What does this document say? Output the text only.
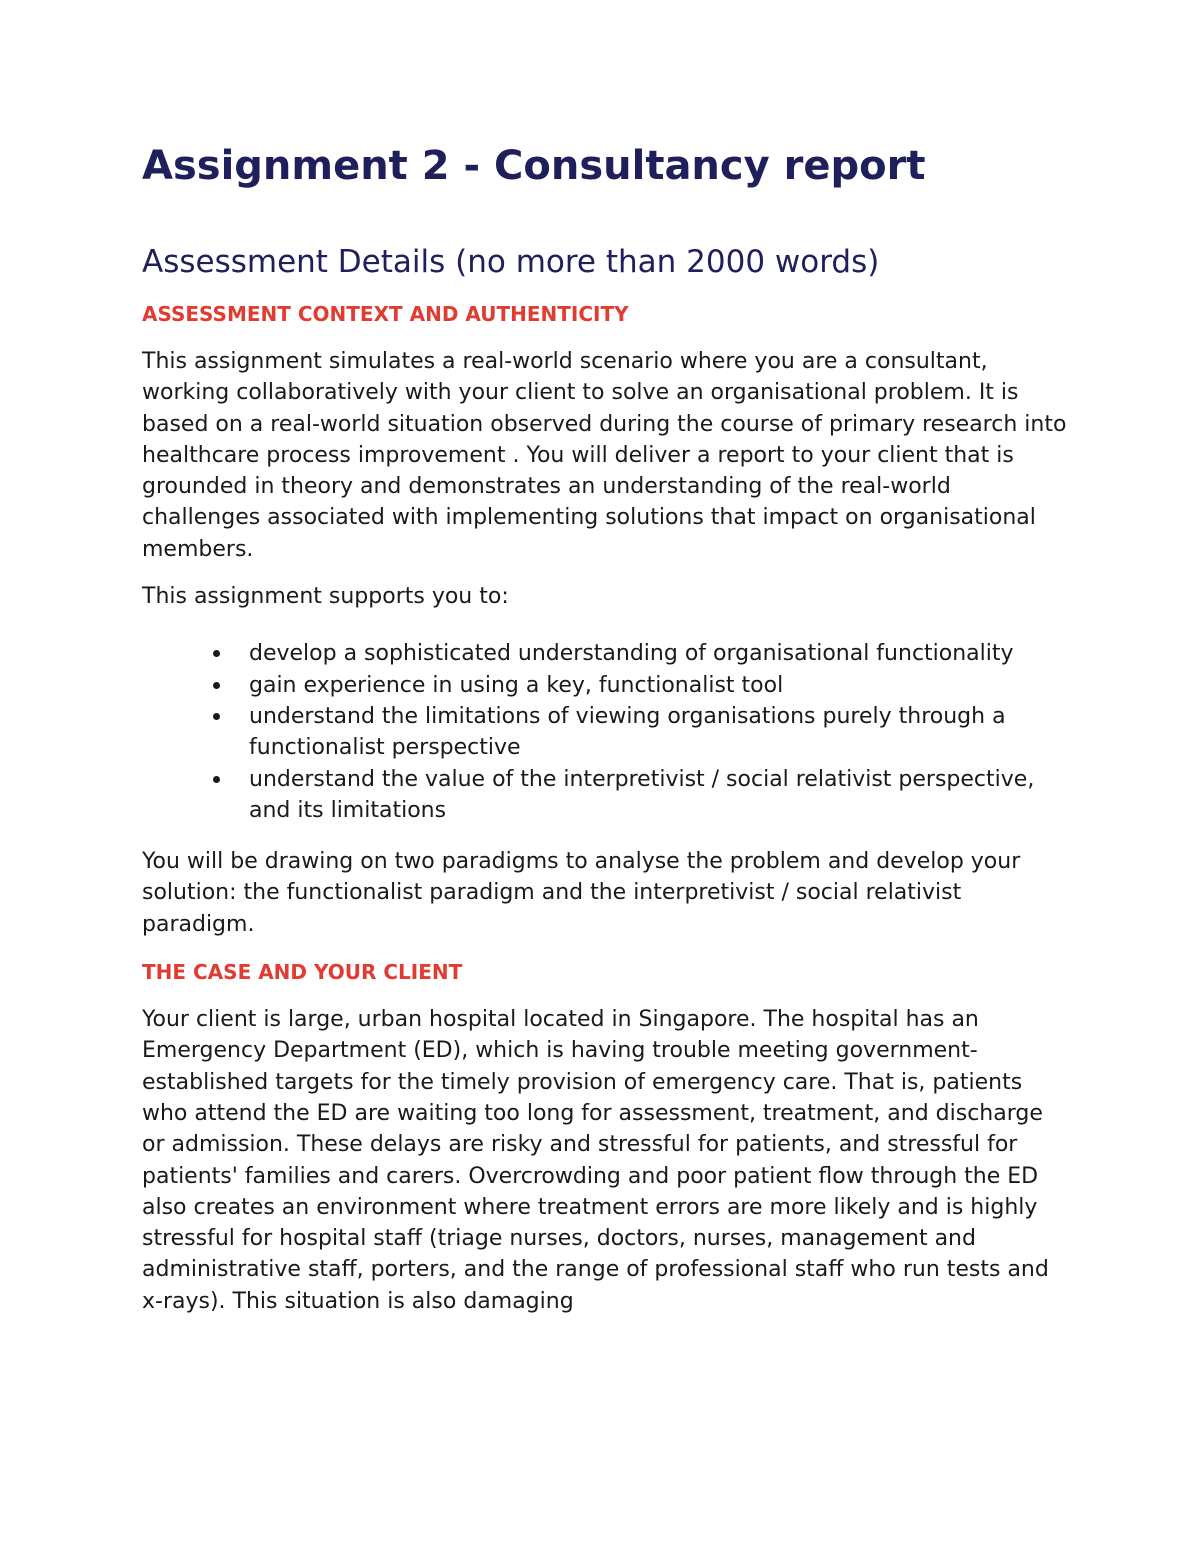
Assignment 2 - Consultancy report
Assessment Details (no more than 2000 words)
ASSESSMENT CONTEXT AND AUTHENTICITY

This assignment simulates a real-world scenario where you are a consultant, working collaboratively with your client to solve an organisational problem. It is based on a real-world situation observed during the course of primary research into healthcare process improvement . You will deliver a report to your client that is grounded in theory and demonstrates an understanding of the real-world challenges associated with implementing solutions that impact on organisational members.

This assignment supports you to:

develop a sophisticated understanding of organisational functionality
gain experience in using a key, functionalist tool
understand the limitations of viewing organisations purely through a functionalist perspective
understand the value of the interpretivist / social relativist perspective, and its limitations

You will be drawing on two paradigms to analyse the problem and develop your solution: the functionalist paradigm and the interpretivist / social relativist paradigm.

THE CASE AND YOUR CLIENT

Your client is large, urban hospital located in Singapore. The hospital has an Emergency Department (ED), which is having trouble meeting government-established targets for the timely provision of emergency care. That is, patients who attend the ED are waiting too long for assessment, treatment, and discharge or admission. These delays are risky and stressful for patients, and stressful for patients' families and carers. Overcrowding and poor patient flow through the ED also creates an environment where treatment errors are more likely and is highly stressful for hospital staff (triage nurses, doctors, nurses, management and administrative staff, porters, and the range of professional staff who run tests and x-rays). This situation is also damaging
